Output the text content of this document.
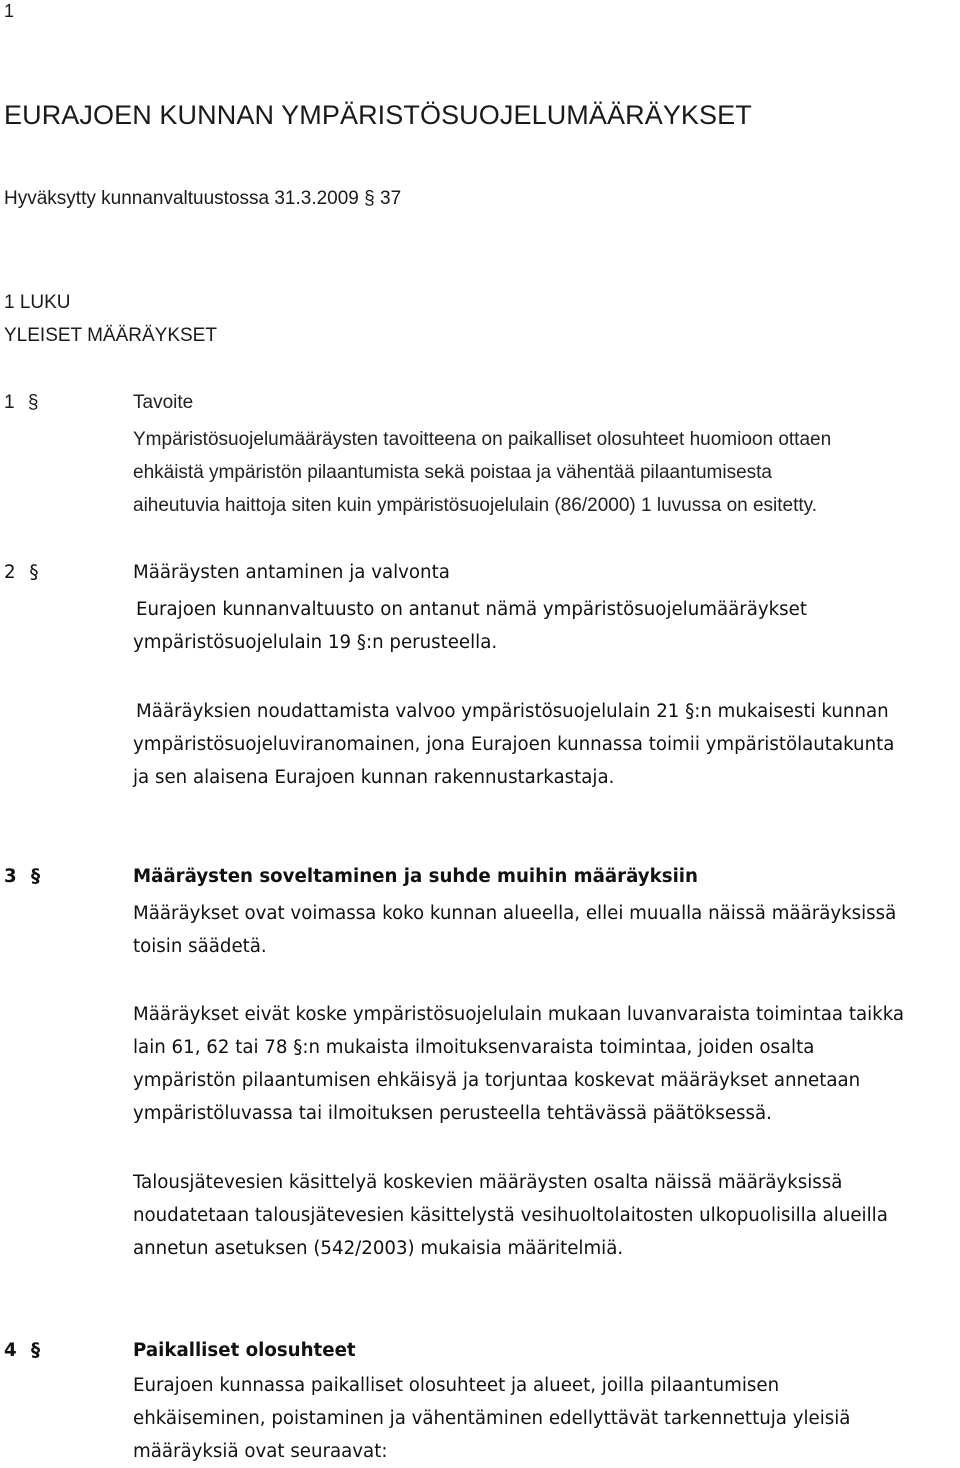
1
EURAJOEN KUNNAN YMPÄRISTÖSUOJELUMÄÄRÄYKSET
Hyväksytty kunnanvaltuustossa 31.3.2009 § 37
1 LUKU
YLEISET MÄÄRÄYKSET
1 §	Tavoite

Ympäristösuojelumääräysten tavoitteena on paikalliset olosuhteet huomioon ottaen
ehkäistä ympäristön pilaantumista sekä poistaa ja vähentää pilaantumisesta
aiheutuvia haittoja siten kuin ympäristösuojelulain (86/2000) 1 luvussa on esitetty.

2 §	Määräysten antaminen ja valvonta

Eurajoen kunnanvaltuusto on antanut nämä ympäristösuojelumääräykset
ympäristösuojelulain 19 §:n perusteella.

Määräyksien noudattamista valvoo ympäristösuojelulain 21 §:n mukaisesti kunnan
ympäristösuojeluviranomainen, jona Eurajoen kunnassa toimii ympäristölautakunta
ja sen alaisena Eurajoen kunnan rakennustarkastaja.

3 §	Määräysten soveltaminen ja suhde muihin määräyksiin

Määräykset ovat voimassa koko kunnan alueella, ellei muualla näissä määräyksissä
toisin säädetä.

Määräykset eivät koske ympäristösuojelulain mukaan luvanvaraista toimintaa taikka
lain 61, 62 tai 78 §:n mukaista ilmoituksenvaraista toimintaa, joiden osalta
ympäristön pilaantumisen ehkäisyä ja torjuntaa koskevat määräykset annetaan
ympäristöluvassa tai ilmoituksen perusteella tehtävässä päätöksessä.

Talousjätevesien käsittelyä koskevien määräysten osalta näissä määräyksissä
noudatetaan talousjätevesien käsittelystä vesihuoltolaitosten ulkopuolisilla alueilla
annetun asetuksen (542/2003) mukaisia määritelmiä.

4 §	Paikalliset olosuhteet

Eurajoen kunnassa paikalliset olosuhteet ja alueet, joilla pilaantumisen
ehkäiseminen, poistaminen ja vähentäminen edellyttävät tarkennettuja yleisiä
määräyksiä ovat seuraavat:
